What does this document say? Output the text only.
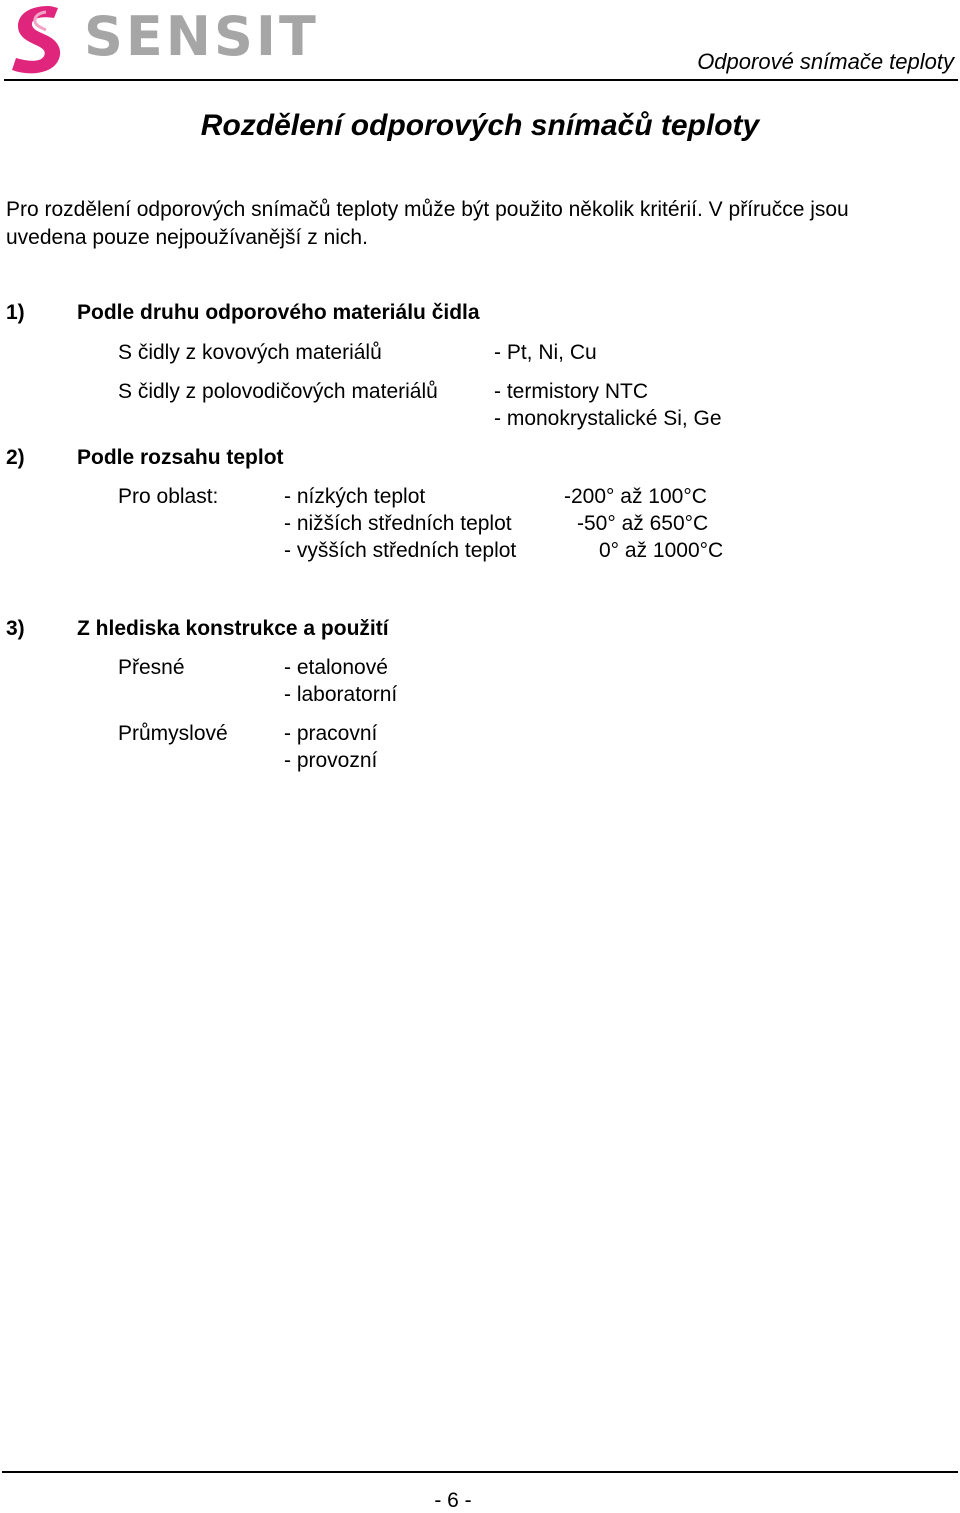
SENSIT	Odporové snímače teploty
Rozdělení odporových snímačů teploty
Pro rozdělení odporových snímačů teploty může být použito několik kritérií. V příručce jsou
uvedena pouze nejpoužívanější z nich.
1) Podle druhu odporového materiálu čidla
S čidly z kovových materiálů	- Pt, Ni, Cu
S čidly z polovodičových materiálů	- termistory NTC
- monokrystalické Si, Ge
2) Podle rozsahu teplot
Pro oblast:	- nízkých teplot	-200° až 100°C
- nižších středních teplot	-50° až 650°C
- vyšších středních teplot	0° až 1000°C
3) Z hlediska konstrukce a použití
Přesné	- etalonové
- laboratorní
Průmyslové	- pracovní
- provozní
- 6 -
